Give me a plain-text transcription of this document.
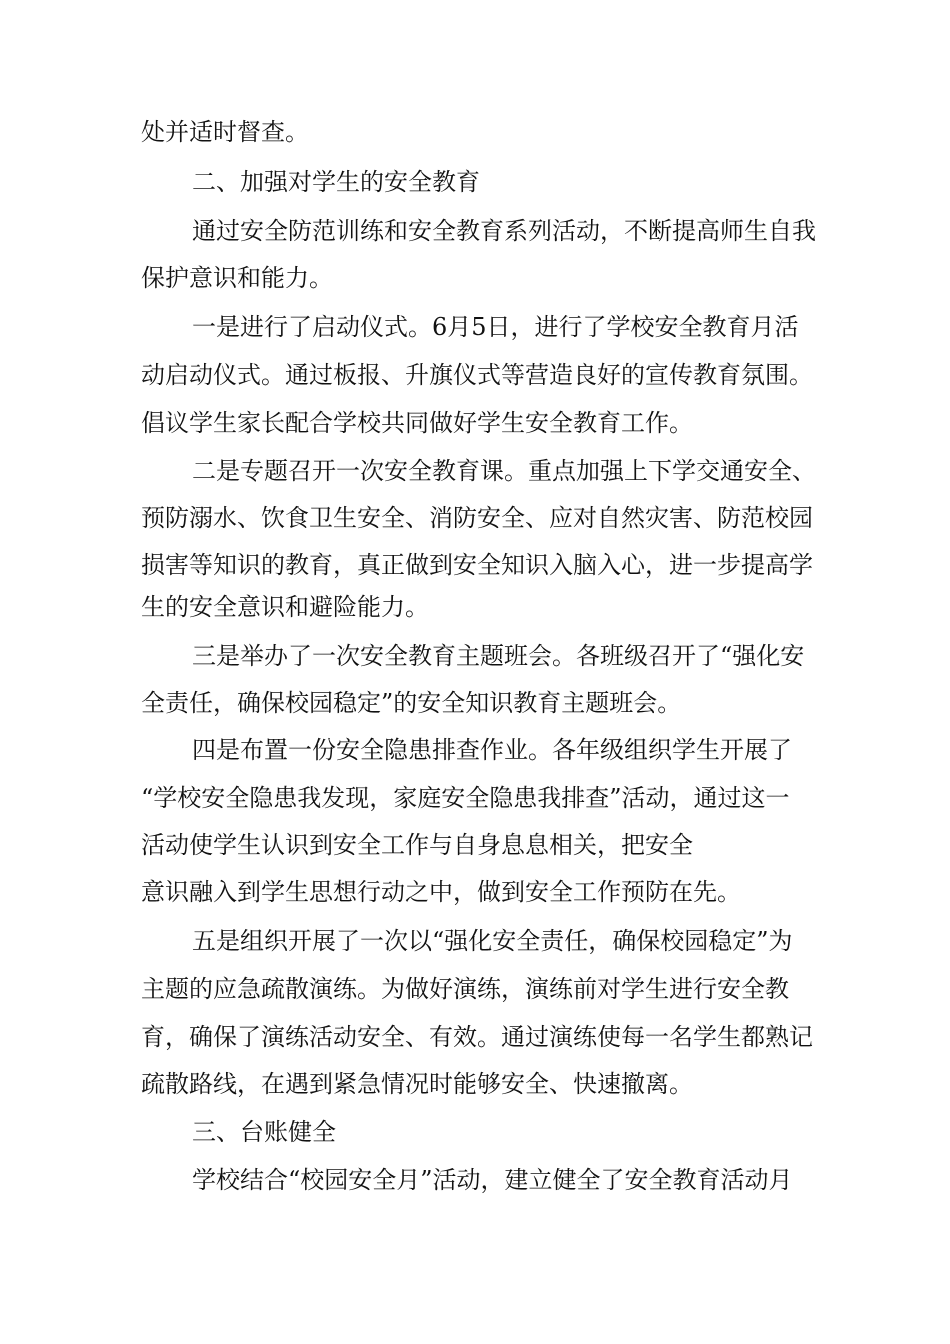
处并适时督查。
二、加强对学生的安全教育
通过安全防范训练和安全教育系列活动，不断提高师生自我
保护意识和能力。
一是进行了启动仪式。6月5日，进行了学校安全教育月活
动启动仪式。通过板报、升旗仪式等营造良好的宣传教育氛围。
倡议学生家长配合学校共同做好学生安全教育工作。
二是专题召开一次安全教育课。重点加强上下学交通安全、
预防溺水、饮食卫生安全、消防安全、应对自然灾害、防范校园
损害等知识的教育，真正做到安全知识入脑入心，进一步提高学
生的安全意识和避险能力。
三是举办了一次安全教育主题班会。各班级召开了“强化安
全责任，确保校园稳定”的安全知识教育主题班会。
四是布置一份安全隐患排查作业。各年级组织学生开展了
“学校安全隐患我发现，家庭安全隐患我排查”活动，通过这一
活动使学生认识到安全工作与自身息息相关，把安全
意识融入到学生思想行动之中，做到安全工作预防在先。
五是组织开展了一次以“强化安全责任，确保校园稳定”为
主题的应急疏散演练。为做好演练，演练前对学生进行安全教
育，确保了演练活动安全、有效。通过演练使每一名学生都熟记
疏散路线，在遇到紧急情况时能够安全、快速撤离。
三、台账健全
学校结合“校园安全月”活动，建立健全了安全教育活动月
